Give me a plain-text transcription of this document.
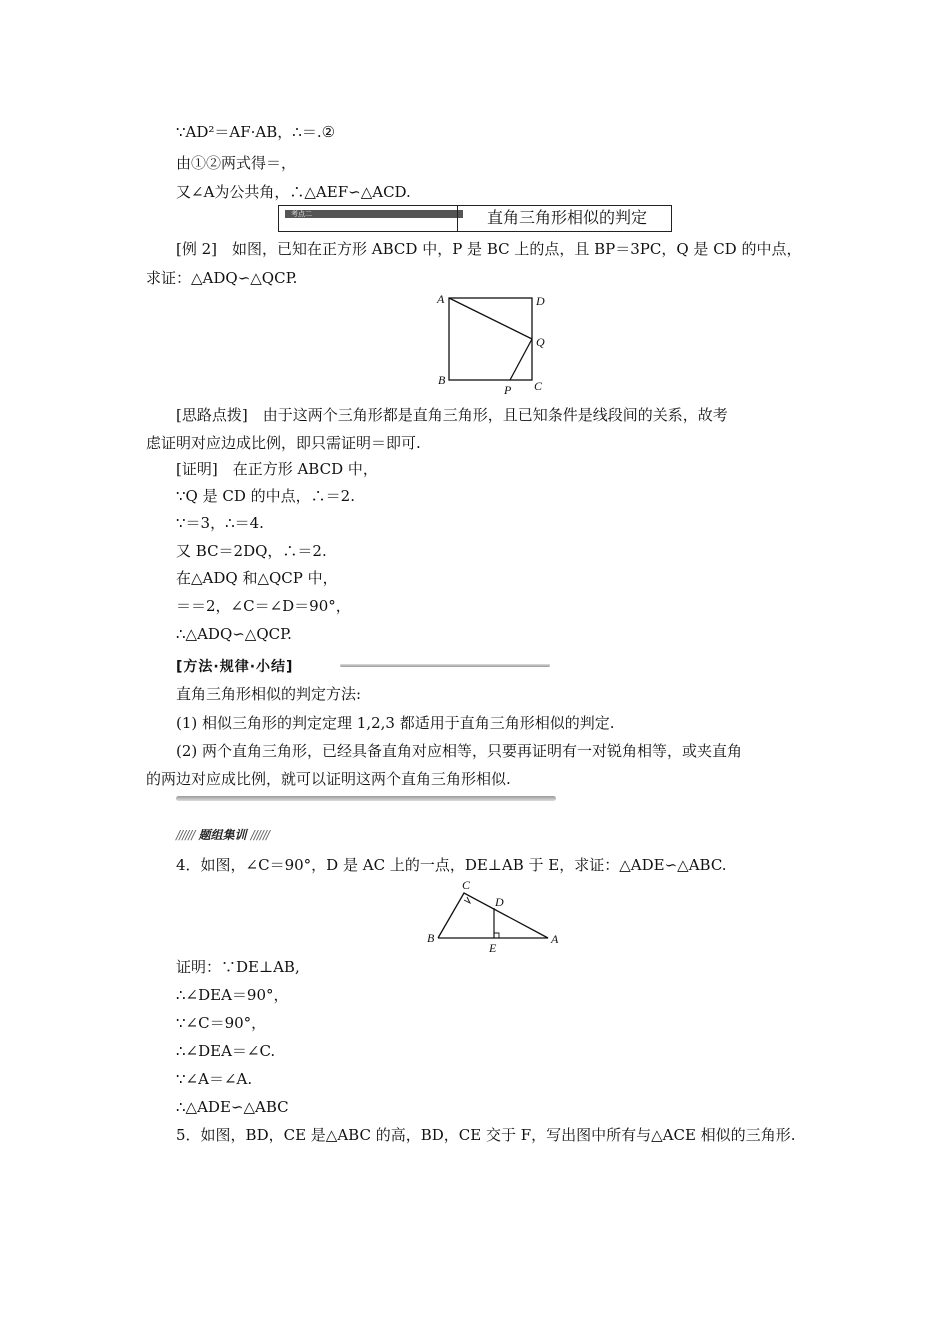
∵AD²＝AF·AB，∴＝.②
由①②两式得＝，
又∠A为公共角，∴△AEF∽△ACD.
考点二	直角三角形相似的判定
[例 2]　如图，已知在正方形 ABCD 中，P 是 BC 上的点，且 BP＝3PC，Q 是 CD 的中点，
求证：△ADQ∽△QCP.
A	D
Q
B	C
P
[思路点拨]　由于这两个三角形都是直角三角形，且已知条件是线段间的关系，故考
虑证明对应边成比例，即只需证明＝即可.
[证明]　在正方形 ABCD 中，
∵Q 是 CD 的中点，∴＝2.
∵＝3，∴＝4.
又 BC＝2DQ，∴＝2.
在△ADQ 和△QCP 中，
＝＝2，∠C＝∠D＝90°，
∴△ADQ∽△QCP.
[方法·规律·小结]
直角三角形相似的判定方法:
(1) 相似三角形的判定定理 1,2,3 都适用于直角三角形相似的判定.
(2) 两个直角三角形，已经具备直角对应相等，只要再证明有一对锐角相等，或夹直角
的两边对应成比例，就可以证明这两个直角三角形相似.
////// 题组集训 //////
4．如图，∠C＝90°，D 是 AC 上的一点，DE⊥AB 于 E，求证：△ADE∽△ABC.
C
D
B	A
E
证明：∵DE⊥AB,
∴∠DEA＝90°，
∵∠C＝90°，
∴∠DEA＝∠C.
∵∠A＝∠A.
∴△ADE∽△ABC
5．如图，BD，CE 是△ABC 的高，BD，CE 交于 F，写出图中所有与△ACE 相似的三角形.
